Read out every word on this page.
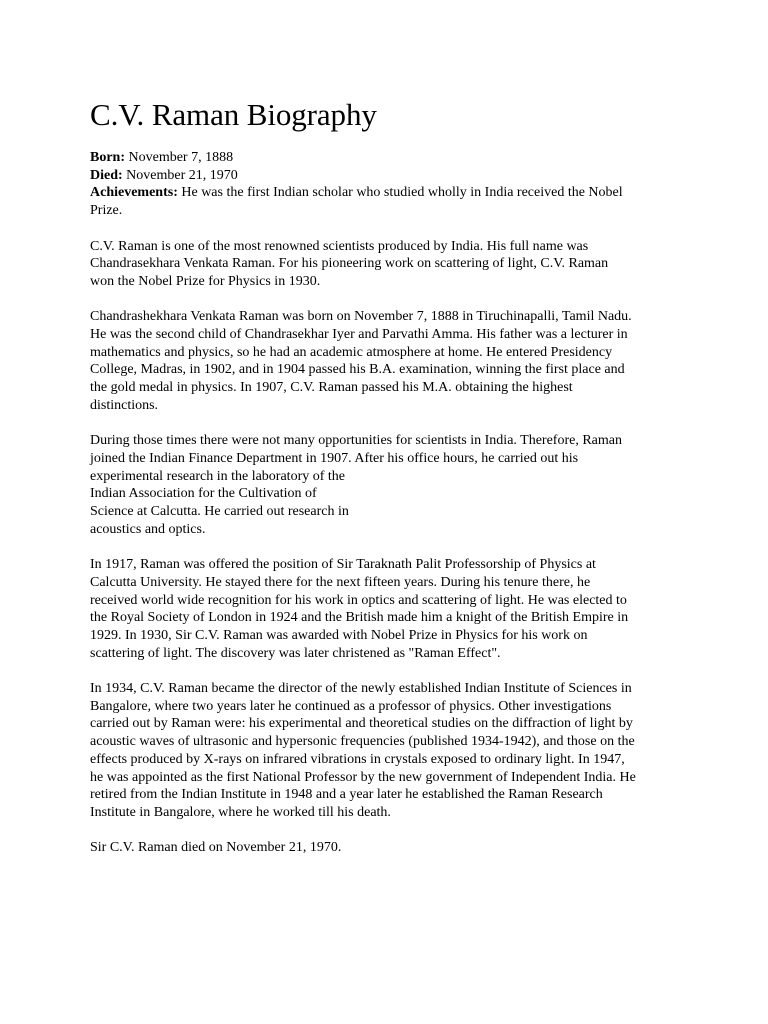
C.V. Raman Biography
Born: November 7, 1888
Died: November 21, 1970
Achievements: He was the first Indian scholar who studied wholly in India received the Nobel
Prize.
C.V. Raman is one of the most renowned scientists produced by India. His full name was
Chandrasekhara Venkata Raman. For his pioneering work on scattering of light, C.V. Raman
won the Nobel Prize for Physics in 1930.
Chandrashekhara Venkata Raman was born on November 7, 1888 in Tiruchinapalli, Tamil Nadu.
He was the second child of Chandrasekhar Iyer and Parvathi Amma. His father was a lecturer in
mathematics and physics, so he had an academic atmosphere at home. He entered Presidency
College, Madras, in 1902, and in 1904 passed his B.A. examination, winning the first place and
the gold medal in physics. In 1907, C.V. Raman passed his M.A. obtaining the highest
distinctions.
During those times there were not many opportunities for scientists in India. Therefore, Raman
joined the Indian Finance Department in 1907. After his office hours, he carried out his
experimental research in the laboratory of the
Indian Association for the Cultivation of
Science at Calcutta. He carried out research in
acoustics and optics.
In 1917, Raman was offered the position of Sir Taraknath Palit Professorship of Physics at
Calcutta University. He stayed there for the next fifteen years. During his tenure there, he
received world wide recognition for his work in optics and scattering of light. He was elected to
the Royal Society of London in 1924 and the British made him a knight of the British Empire in
1929. In 1930, Sir C.V. Raman was awarded with Nobel Prize in Physics for his work on
scattering of light. The discovery was later christened as "Raman Effect".
In 1934, C.V. Raman became the director of the newly established Indian Institute of Sciences in
Bangalore, where two years later he continued as a professor of physics. Other investigations
carried out by Raman were: his experimental and theoretical studies on the diffraction of light by
acoustic waves of ultrasonic and hypersonic frequencies (published 1934-1942), and those on the
effects produced by X-rays on infrared vibrations in crystals exposed to ordinary light. In 1947,
he was appointed as the first National Professor by the new government of Independent India. He
retired from the Indian Institute in 1948 and a year later he established the Raman Research
Institute in Bangalore, where he worked till his death.
Sir C.V. Raman died on November 21, 1970.
